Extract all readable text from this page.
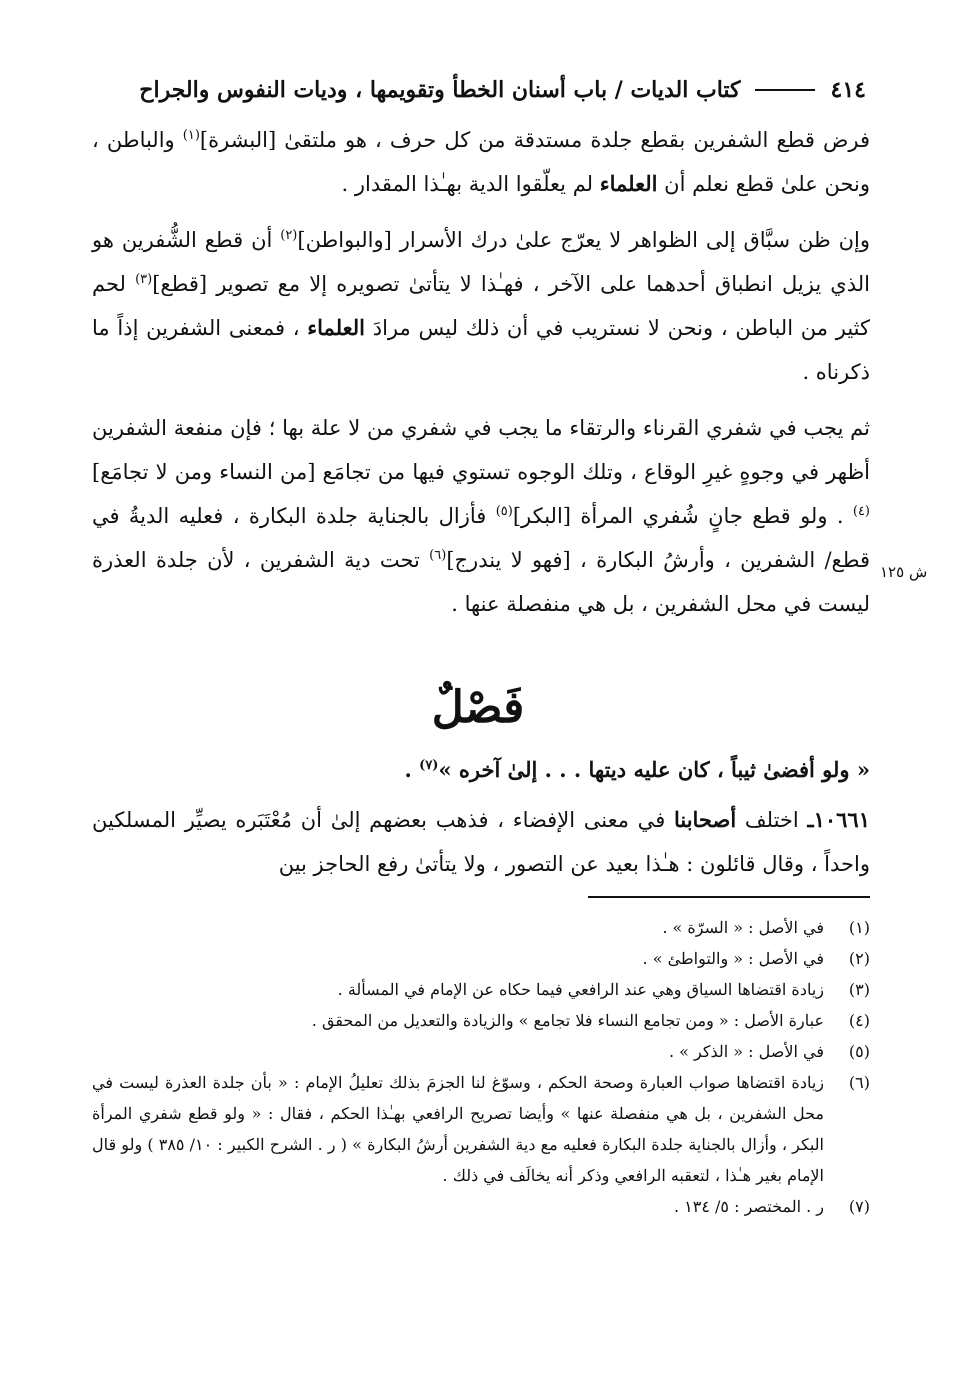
٤١٤
كتاب الديات / باب أسنان الخطأ وتقويمها ، وديات النفوس والجراح

فرض قطع الشفرين بقطع جلدة مستدقة من كل حرف ، هو ملتقىٰ [البشرة]$^{(١)}$ والباطن ، ونحن علىٰ قطع نعلم أن العلماء لم يعلّقوا الدية بهـٰذا المقدار .

وإن ظن سبَّاق إلى الظواهر لا يعرّج علىٰ درك الأسرار [والبواطن]$^{(٢)}$ أن قطع الشُّفرين هو الذي يزيل انطباق أحدهما على الآخر ، فهـٰذا لا يتأتىٰ تصويره إلا مع تصوير [قطع]$^{(٣)}$ لحم كثير من الباطن ، ونحن لا نستريب في أن ذلك ليس مرادَ العلماء ، فمعنى الشفرين إذاً ما ذكرناه .

ثم يجب في شفري القرناء والرتقاء ما يجب في شفري من لا علة بها ؛ فإن منفعة الشفرين أظهر في وجوهٍ غيرِ الوقاع ، وتلك الوجوه تستوي فيها من تجامَع [من النساء ومن لا تجامَع]$^{(٤)}$ . ولو قطع جانٍ شُفري المرأة [البكر]$^{(٥)}$ فأزال بالجناية جلدة البكارة ، فعليه الديةُ في قطع/ الشفرين ، وأرشُ البكارة ، [فهو لا يندرج]$^{(٦)}$ تحت دية الشفرين ، لأن جلدة العذرة ليست في محل الشفرين ، بل هي منفصلة عنها .

ش ١٢٥
فَصْلٌ
« ولو أفضىٰ ثيباً ، كان عليه ديتها . . . إلىٰ آخره »$^{(٧)}$ .

١٠٦٦١ـ اختلف أصحابنا في معنى الإفضاء ، فذهب بعضهم إلىٰ أن مُعْتَبَره يصيِّر المسلكين واحداً ، وقال قائلون : هـٰذا بعيد عن التصور ، ولا يتأتىٰ رفع الحاجز بين

(١)
في الأصل : « السرّة » .
(٢)
في الأصل : « والتواطئ » .
(٣)
زيادة اقتضاها السياق وهي عند الرافعي فيما حكاه عن الإمام في المسألة .
(٤)
عبارة الأصل : « ومن تجامع النساء فلا تجامع » والزيادة والتعديل من المحقق .
(٥)
في الأصل : « الذكر » .
(٦)
زيادة اقتضاها صواب العبارة وصحة الحكم ، وسوّغ لنا الجزمَ بذلك تعليلُ الإمام : « بأن جلدة العذرة ليست في محل الشفرين ، بل هي منفصلة عنها » وأيضا تصريح الرافعي بهـٰذا الحكم ، فقال : « ولو قطع شفري المرأة البكر ، وأزال بالجناية جلدة البكارة فعليه مع دية الشفرين أرشُ البكارة » ( ر . الشرح الكبير : ١٠/ ٣٨٥ ) ولو قال الإمام بغير هـٰذا ، لتعقبه الرافعي وذكر أنه يخالَف في ذلك .
(٧)
ر . المختصر : ٥/ ١٣٤ .
